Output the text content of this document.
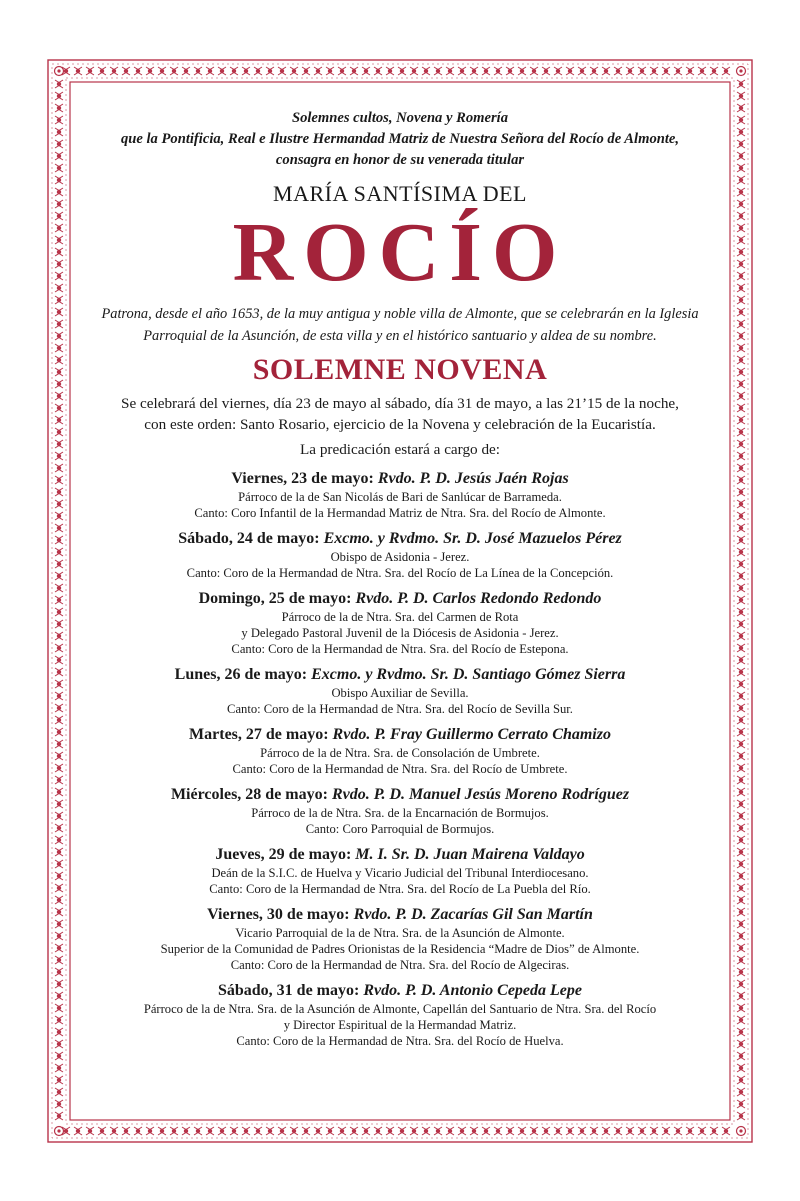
Solemnes cultos, Novena y Romería
que la Pontificia, Real e Ilustre Hermandad Matriz de Nuestra Señora del Rocío de Almonte,
consagra en honor de su venerada titular
MARÍA SANTÍSIMA DEL
ROCÍO
Patrona, desde el año 1653, de la muy antigua y noble villa de Almonte, que se celebrarán en la Iglesia
Parroquial de la Asunción, de esta villa y en el histórico santuario y aldea de su nombre.
SOLEMNE NOVENA
Se celebrará del viernes, día 23 de mayo al sábado, día 31 de mayo, a las 21’15 de la noche,
con este orden: Santo Rosario, ejercicio de la Novena y celebración de la Eucaristía.
La predicación estará a cargo de:
Viernes, 23 de mayo: Rvdo. P. D. Jesús Jaén Rojas
Párroco de la de San Nicolás de Bari de Sanlúcar de Barrameda.
Canto: Coro Infantil de la Hermandad Matriz de Ntra. Sra. del Rocío de Almonte.
Sábado, 24 de mayo: Excmo. y Rvdmo. Sr. D. José Mazuelos Pérez
Obispo de Asidonia - Jerez.
Canto: Coro de la Hermandad de Ntra. Sra. del Rocío de La Línea de la Concepción.
Domingo, 25 de mayo: Rvdo. P. D. Carlos Redondo Redondo
Párroco de la de Ntra. Sra. del Carmen de Rota
y Delegado Pastoral Juvenil de la Diócesis de Asidonia - Jerez.
Canto: Coro de la Hermandad de Ntra. Sra. del Rocío de Estepona.
Lunes, 26 de mayo: Excmo. y Rvdmo. Sr. D. Santiago Gómez Sierra
Obispo Auxiliar de Sevilla.
Canto: Coro de la Hermandad de Ntra. Sra. del Rocío de Sevilla Sur.
Martes, 27 de mayo: Rvdo. P. Fray Guillermo Cerrato Chamizo
Párroco de la de Ntra. Sra. de Consolación de Umbrete.
Canto: Coro de la Hermandad de Ntra. Sra. del Rocío de Umbrete.
Miércoles, 28 de mayo: Rvdo. P. D. Manuel Jesús Moreno Rodríguez
Párroco de la de Ntra. Sra. de la Encarnación de Bormujos.
Canto: Coro Parroquial de Bormujos.
Jueves, 29 de mayo: M. I. Sr. D. Juan Mairena Valdayo
Deán de la S.I.C. de Huelva y Vicario Judicial del Tribunal Interdiocesano.
Canto: Coro de la Hermandad de Ntra. Sra. del Rocío de La Puebla del Río.
Viernes, 30 de mayo: Rvdo. P. D. Zacarías Gil San Martín
Vicario Parroquial de la de Ntra. Sra. de la Asunción de Almonte.
Superior de la Comunidad de Padres Orionistas de la Residencia “Madre de Dios” de Almonte.
Canto: Coro de la Hermandad de Ntra. Sra. del Rocío de Algeciras.
Sábado, 31 de mayo: Rvdo. P. D. Antonio Cepeda Lepe
Párroco de la de Ntra. Sra. de la Asunción de Almonte, Capellán del Santuario de Ntra. Sra. del Rocío
y Director Espiritual de la Hermandad Matriz.
Canto: Coro de la Hermandad de Ntra. Sra. del Rocío de Huelva.
